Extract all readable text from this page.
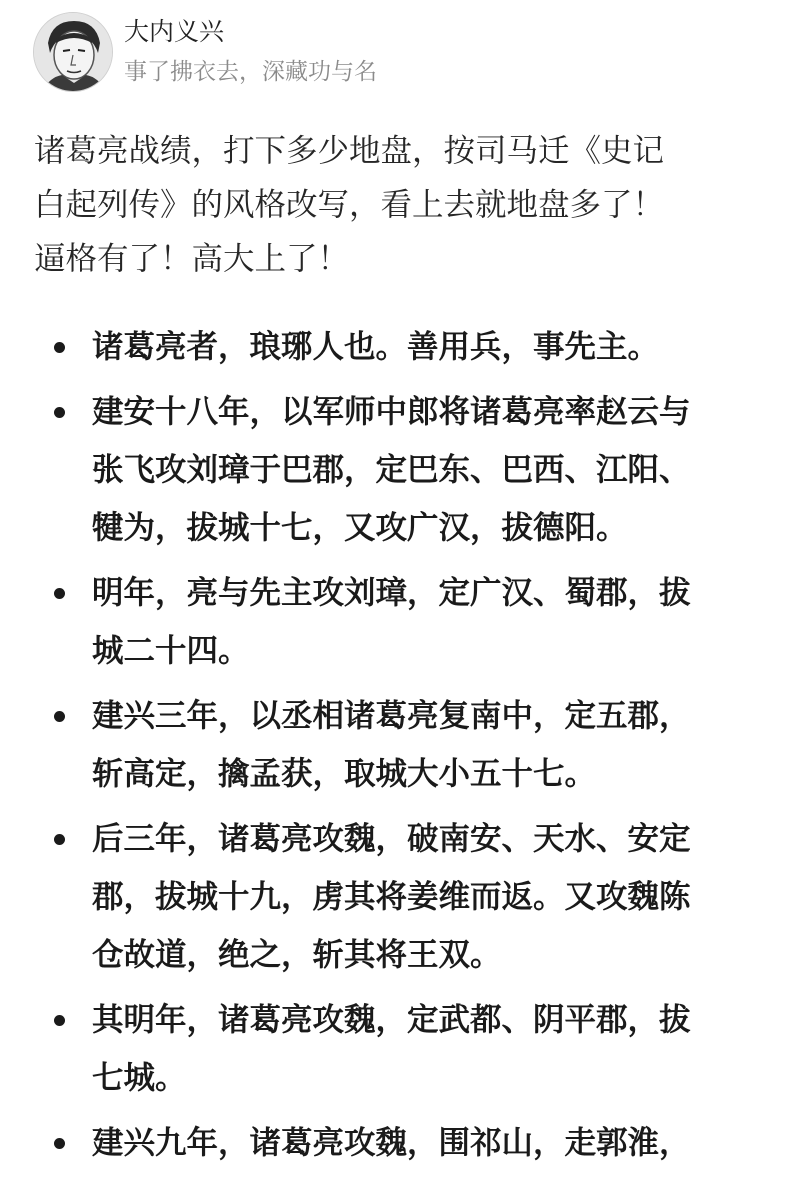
大内义兴
事了拂衣去，深藏功与名

诸葛亮战绩，打下多少地盘，按司马迁《史记
白起列传》的风格改写，看上去就地盘多了！
逼格有了！高大上了！

诸葛亮者，琅琊人也。善用兵，事先主。
建安十八年，以军师中郎将诸葛亮率赵云与
张飞攻刘璋于巴郡，定巴东、巴西、江阳、
犍为，拔城十七，又攻广汉，拔德阳。
明年，亮与先主攻刘璋，定广汉、蜀郡，拔
城二十四。
建兴三年，以丞相诸葛亮复南中，定五郡，
斩高定，擒孟获，取城大小五十七。
后三年，诸葛亮攻魏，破南安、天水、安定
郡，拔城十九，虏其将姜维而返。又攻魏陈
仓故道，绝之，斩其将王双。
其明年，诸葛亮攻魏，定武都、阴平郡，拔
七城。
建兴九年，诸葛亮攻魏，围祁山，走郭淮，
